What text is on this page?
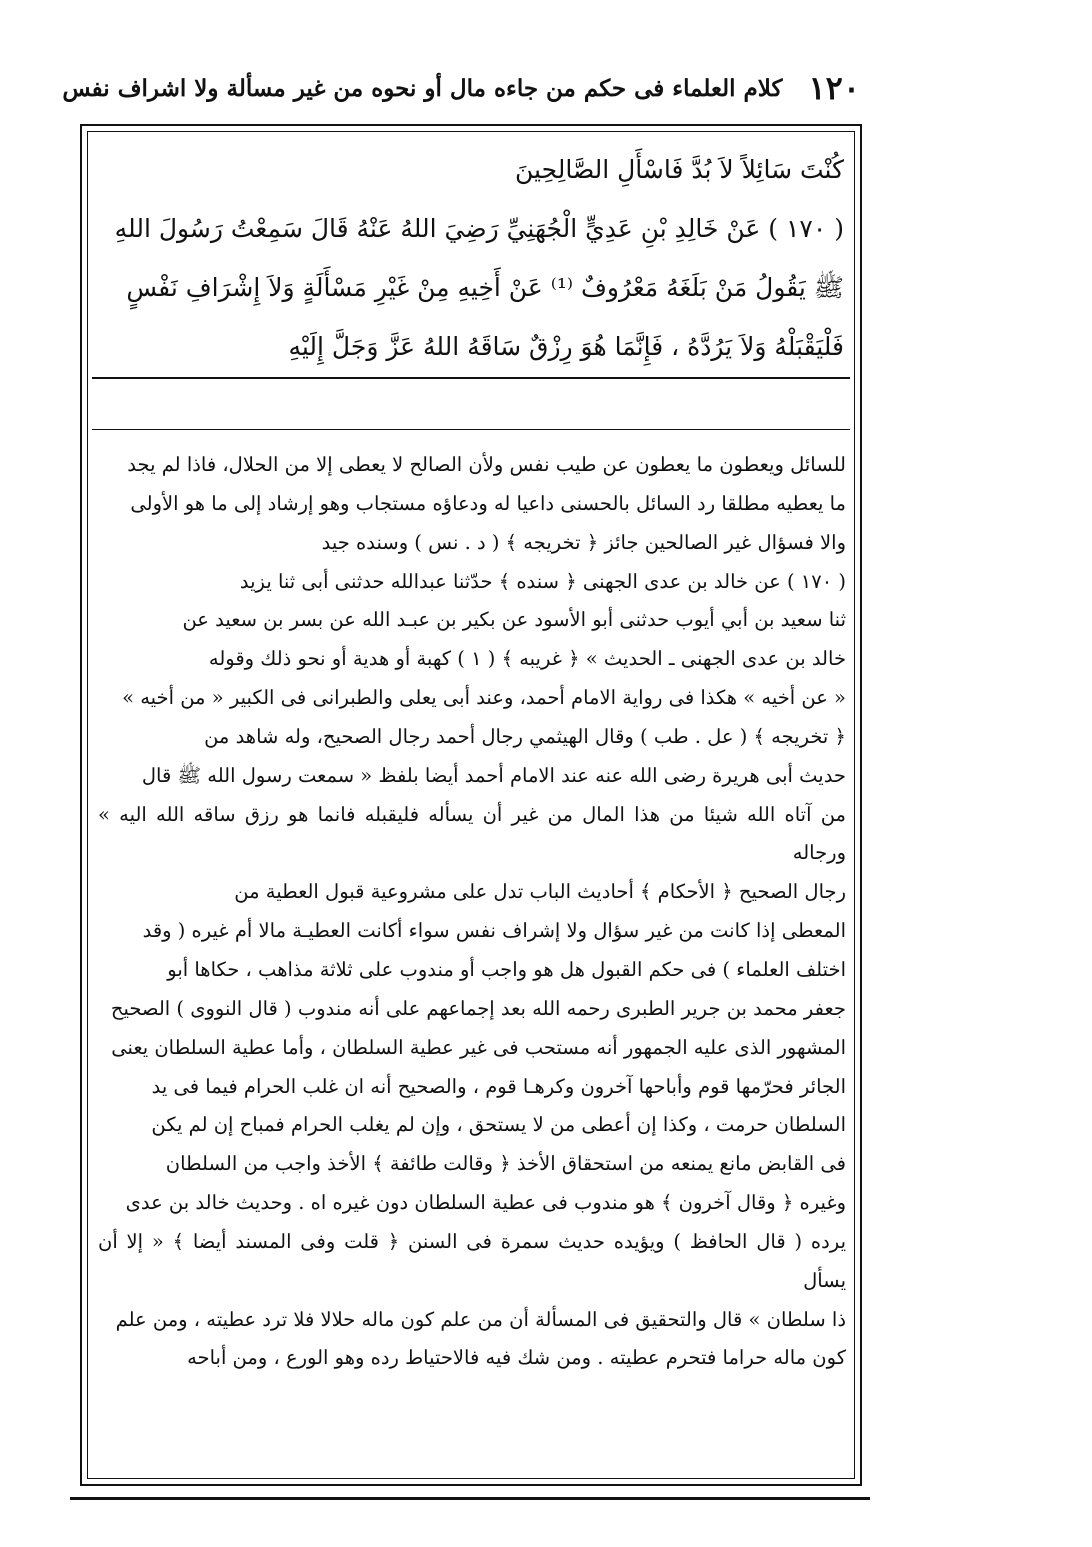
١٢٠
كلام العلماء فى حكم من جاءه مال أو نحوه من غير مسألة ولا اشراف نفس

كُنْتَ سَائِلاً لاَ بُدَّ فَاسْأَلِ الصَّالِحِينَ

( ١٧٠ ) عَنْ خَالِدِ بْنِ عَدِيٍّ الْجُهَنِيِّ رَضِيَ اللهُ عَنْهُ قَالَ سَمِعْتُ رَسُولَ اللهِ

ﷺ يَقُولُ مَنْ بَلَغَهُ مَعْرُوفٌ ⁽¹⁾ عَنْ أَخِيهِ مِنْ غَيْرِ مَسْأَلَةٍ وَلاَ إِشْرَافِ نَفْسٍ

فَلْيَقْبَلْهُ وَلاَ يَرُدَّهُ ، فَإِنَّمَا هُوَ رِزْقٌ سَاقَهُ اللهُ عَزَّ وَجَلَّ إِلَيْهِ

للسائل ويعطون ما يعطون عن طيب نفس ولأن الصالح لا يعطى إلا من الحلال، فاذا لم يجد

ما يعطيه مطلقا رد السائل بالحسنى داعيا له ودعاؤه مستجاب وهو إرشاد إلى ما هو الأولى

والا فسؤال غير الصالحين جائز ﴿ تخريجه ﴾ ( د . نس ) وسنده جيد

( ١٧٠ ) عن خالد بن عدى الجهنى ﴿ سنده ﴾ حدّثنا عبدالله حدثنى أبى ثنا يزيد

ثنا سعيد بن أبي أيوب حدثنى أبو الأسود عن بكير بن عبـد الله عن بسر بن سعيد عن

خالد بن عدى الجهنى ـ الحديث » ﴿ غريبه ﴾ ( ١ ) كهبة أو هدية أو نحو ذلك وقوله

« عن أخيه » هكذا فى رواية الامام أحمد، وعند أبى يعلى والطبرانى فى الكبير « من أخيه »

﴿ تخريجه ﴾ ( عل . طب ) وقال الهيثمي رجال أحمد رجال الصحيح، وله شاهد من

حديث أبى هريرة رضى الله عنه عند الامام أحمد أيضا بلفظ « سمعت رسول الله ﷺ قال

من آتاه الله شيئا من هذا المال من غير أن يسأله فليقبله فانما هو رزق ساقه الله اليه » ورجاله

رجال الصحيح ﴿ الأحكام ﴾ أحاديث الباب تدل على مشروعية قبول العطية من

المعطى إذا كانت من غير سؤال ولا إشراف نفس سواء أكانت العطيـة مالا أم غيره ( وقد

اختلف العلماء ) فى حكم القبول هل هو واجب أو مندوب على ثلاثة مذاهب ، حكاها أبو

جعفر محمد بن جرير الطبرى رحمه الله بعد إجماعهم على أنه مندوب ( قال النووى ) الصحيح

المشهور الذى عليه الجمهور أنه مستحب فى غير عطية السلطان ، وأما عطية السلطان يعنى

الجائر فحرّمها قوم وأباحها آخرون وكرهـا قوم ، والصحيح أنه ان غلب الحرام فيما فى يد

السلطان حرمت ، وكذا إن أعطى من لا يستحق ، وإن لم يغلب الحرام فمباح إن لم يكن

فى القابض مانع يمنعه من استحقاق الأخذ ﴿ وقالت طائفة ﴾ الأخذ واجب من السلطان

وغيره ﴿ وقال آخرون ﴾ هو مندوب فى عطية السلطان دون غيره اه . وحديث خالد بن عدى

يرده ( قال الحافظ ) ويؤيده حديث سمرة فى السنن ﴿ قلت وفى المسند أيضا ﴾ « إلا أن يسأل

ذا سلطان » قال والتحقيق فى المسألة أن من علم كون ماله حلالا فلا ترد عطيته ، ومن علم

كون ماله حراما فتحرم عطيته . ومن شك فيه فالاحتياط رده وهو الورع ، ومن أباحه
